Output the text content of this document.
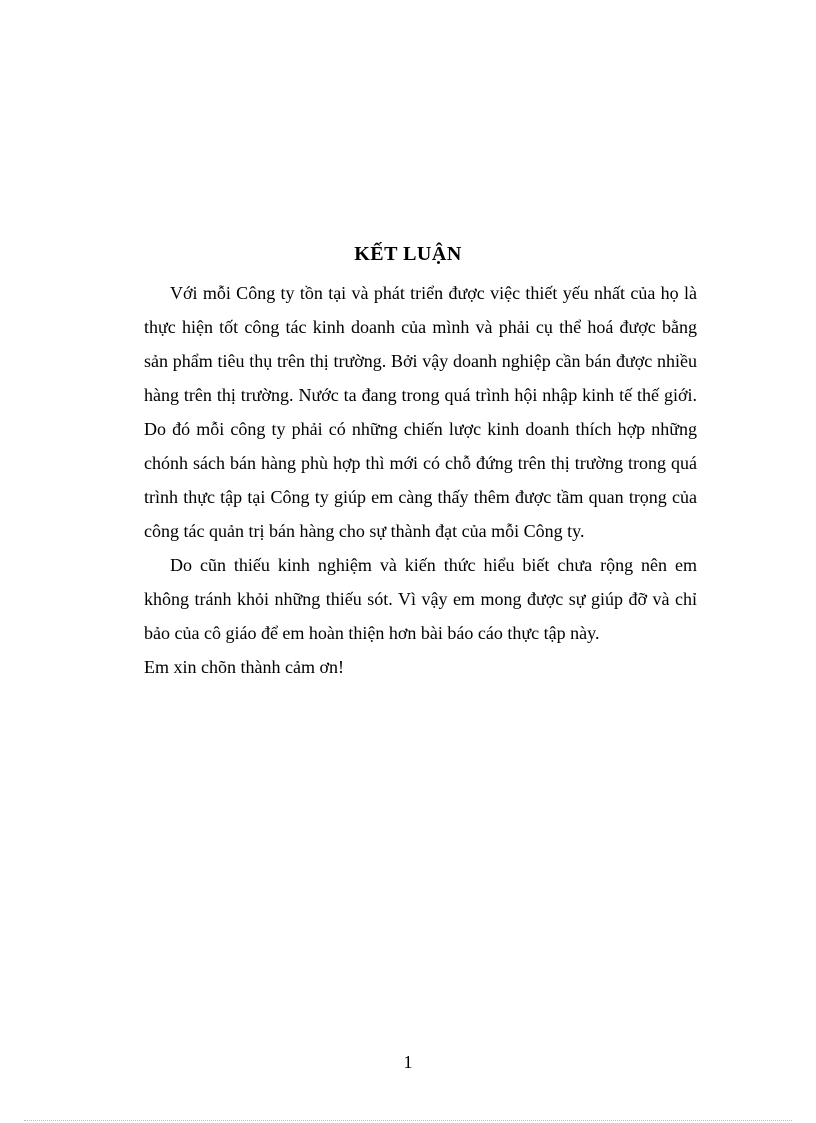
KẾT LUẬN

Với mỗi Công ty tồn tại và phát triển được việc thiết yếu nhất của họ là thực hiện tốt công tác kinh doanh của mình và phải cụ thể hoá được bằng sản phẩm tiêu thụ trên thị trường. Bởi vậy doanh nghiệp cần bán được nhiều hàng trên thị trường. Nước ta đang trong quá trình hội nhập kinh tế thế giới. Do đó mỗi công ty phải có những chiến lược kinh doanh thích hợp những chónh sách bán hàng phù hợp thì mới có chỗ đứng trên thị trường trong quá trình thực tập tại Công ty giúp em càng thấy thêm được tầm quan trọng của công tác quản trị bán hàng cho sự thành đạt của mỗi Công ty.

Do cũn thiếu kinh nghiệm và kiến thức hiểu biết chưa rộng nên em không tránh khỏi những thiếu sót. Vì vậy em mong được sự giúp đỡ và chỉ bảo của cô giáo để em hoàn thiện hơn bài báo cáo thực tập này.

Em xin chõn thành cảm ơn!

1
